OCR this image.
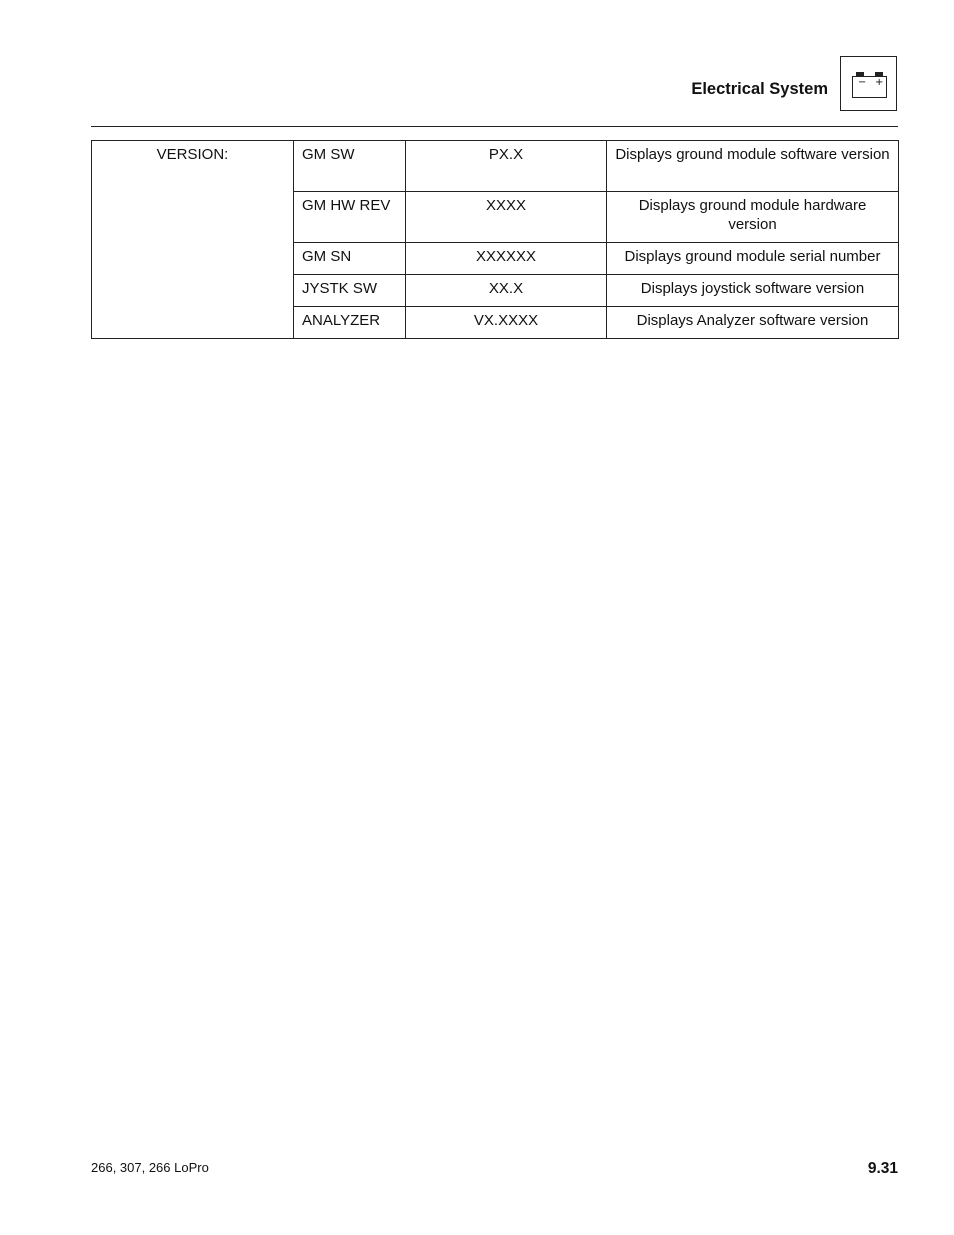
Electrical System	− +
VERSION:	GM SW	PX.X	Displays ground module software version
	GM HW REV	XXXX	Displays ground module hardware version
	GM SN	XXXXXX	Displays ground module serial number
	JYSTK SW	XX.X	Displays joystick software version
	ANALYZER	VX.XXXX	Displays Analyzer software version
266, 307, 266 LoPro	9.31
